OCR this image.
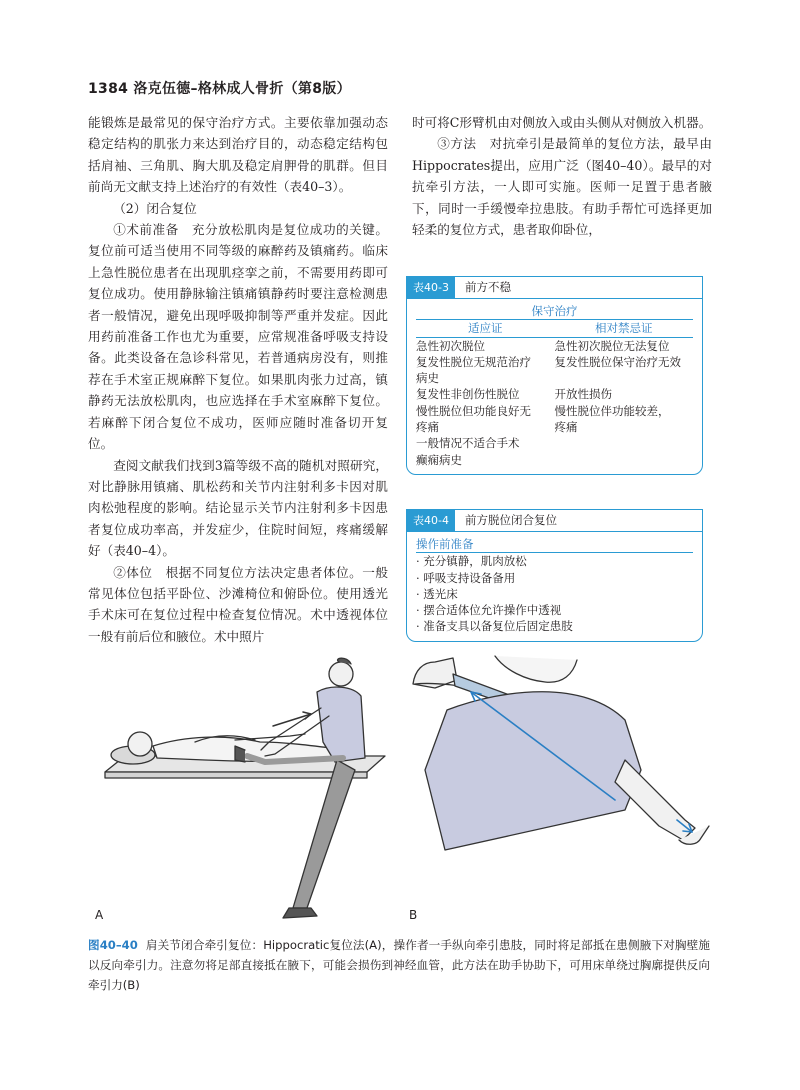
1384 洛克伍德–格林成人骨折（第8版）

能锻炼是最常见的保守治疗方式。主要依靠加强动态稳定结构的肌张力来达到治疗目的，动态稳定结构包括肩袖、三角肌、胸大肌及稳定肩胛骨的肌群。但目前尚无文献支持上述治疗的有效性（表40–3）。

（2）闭合复位

①术前准备　充分放松肌肉是复位成功的关键。复位前可适当使用不同等级的麻醉药及镇痛药。临床上急性脱位患者在出现肌痉挛之前，不需要用药即可复位成功。使用静脉输注镇痛镇静药时要注意检测患者一般情况，避免出现呼吸抑制等严重并发症。因此用药前准备工作也尤为重要，应常规准备呼吸支持设备。此类设备在急诊科常见，若普通病房没有，则推荐在手术室正规麻醉下复位。如果肌肉张力过高，镇静药无法放松肌肉，也应选择在手术室麻醉下复位。若麻醉下闭合复位不成功，医师应随时准备切开复位。

查阅文献我们找到3篇等级不高的随机对照研究，对比静脉用镇痛、肌松药和关节内注射利多卡因对肌肉松弛程度的影响。结论显示关节内注射利多卡因患者复位成功率高，并发症少，住院时间短，疼痛缓解好（表40–4）。

②体位　根据不同复位方法决定患者体位。一般常见体位包括平卧位、沙滩椅位和俯卧位。使用透光手术床可在复位过程中检查复位情况。术中透视体位一般有前后位和腋位。术中照片

时可将C形臂机由对侧放入或由头侧从对侧放入机器。

③方法　对抗牵引是最简单的复位方法，最早由Hippocrates提出，应用广泛（图40–40）。最早的对抗牵引方法，一人即可实施。医师一足置于患者腋下，同时一手缓慢牵拉患肢。有助手帮忙可选择更加轻柔的复位方式，患者取仰卧位，

表40-3	前方不稳
保守治疗
适应证	相对禁忌证
急性初次脱位	急性初次脱位无法复位
复发性脱位无规范治疗	复发性脱位保守治疗无效
病史
复发性非创伤性脱位	开放性损伤
慢性脱位但功能良好无	慢性脱位伴功能较差，
疼痛	疼痛
一般情况不适合手术
癫痫病史
表40-4	前方脱位闭合复位
操作前准备
· 充分镇静，肌肉放松
· 呼吸支持设备备用
· 透光床
· 摆合适体位允许操作中透视
· 准备支具以备复位后固定患肢
A	B
图40–40 肩关节闭合牵引复位：Hippocratic复位法(A)，操作者一手纵向牵引患肢，同时将足部抵在患侧腋下对胸壁施以反向牵引力。注意勿将足部直接抵在腋下，可能会损伤到神经血管，此方法在助手协助下，可用床单绕过胸廓提供反向牵引力(B)
